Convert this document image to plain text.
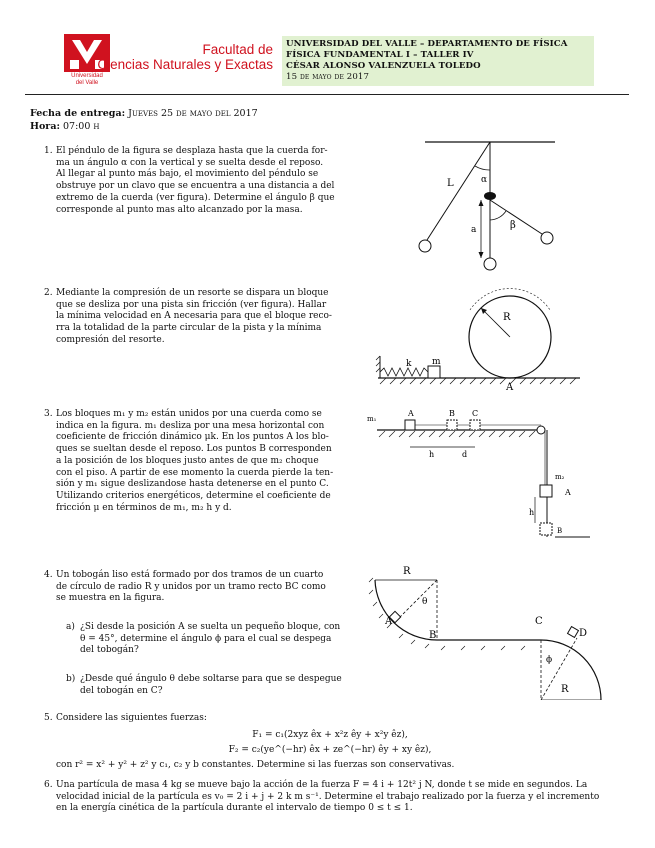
Universidad
del Valle
Facultad de
Ciencias Naturales y Exactas
UNIVERSIDAD DEL VALLE – DEPARTAMENTO DE FÍSICA
FÍSICA FUNDAMENTAL I – TALLER IV
CÉSAR ALONSO VALENZUELA TOLEDO
15 de mayo de 2017
Fecha de entrega: Jueves 25 de mayo del 2017
Hora: 07:00 h
1. El péndulo de la figura se desplaza hasta que la cuerda for-
ma un ángulo α con la vertical y se suelta desde el reposo.
Al llegar al punto más bajo, el movimiento del péndulo se
obstruye por un clavo que se encuentra a una distancia a del
extremo de la cuerda (ver figura). Determine el ángulo β que
corresponde al punto mas alto alcanzado por la masa.
L	α
a	β
2. Mediante la compresión de un resorte se dispara un bloque
que se desliza por una pista sin fricción (ver figura). Hallar
la mínima velocidad en A necesaria para que el bloque reco-
rra la totalidad de la parte circular de la pista y la mínima
compresión del resorte.
k m
R
A
3. Los bloques m₁ y m₂ están unidos por una cuerda como se
indica en la figura. m₁ desliza por una mesa horizontal con
coeficiente de fricción dinámico μk. En los puntos A los blo-
ques se sueltan desde el reposo. Los puntos B corresponden
a la posición de los bloques justo antes de que m₂ choque
con el piso. A partir de ese momento la cuerda pierde la ten-
sión y m₁ sigue deslizandose hasta detenerse en el punto C.
Utilizando criterios energéticos, determine el coeficiente de
fricción μ en términos de m₁, m₂ h y d.
m₁
A	B C
h	d
m₂
A
h
B
4. Un tobogán liso está formado por dos tramos de un cuarto
de círculo de radio R y unidos por un tramo recto BC como
se muestra en la figura.
a) ¿Si desde la posición A se suelta un pequeño bloque, con
θ = 45°, determine el ángulo ϕ para el cual se despega
del tobogán?
b) ¿Desde qué ángulo θ debe soltarse para que se despegue
del tobogán en C?
R
θ
A
B
C
D
ϕ
R
5. Considere las siguientes fuerzas:
F₁ = c₁(2xyz êx + x²z êy + x²y êz),
F₂ = c₂(ye^(−hr) êx + ze^(−hr) êy + xy êz),
con r² = x² + y² + z² y c₁, c₂ y b constantes. Determine si las fuerzas son conservativas.
6. Una partícula de masa 4 kg se mueve bajo la acción de la fuerza F = 4 i + 12t² j N, donde t se mide en segundos. La
velocidad inicial de la partícula es v₀ = 2 i + j + 2 k m s⁻¹. Determine el trabajo realizado por la fuerza y el incremento
en la energía cinética de la partícula durante el intervalo de tiempo 0 ≤ t ≤ 1.
